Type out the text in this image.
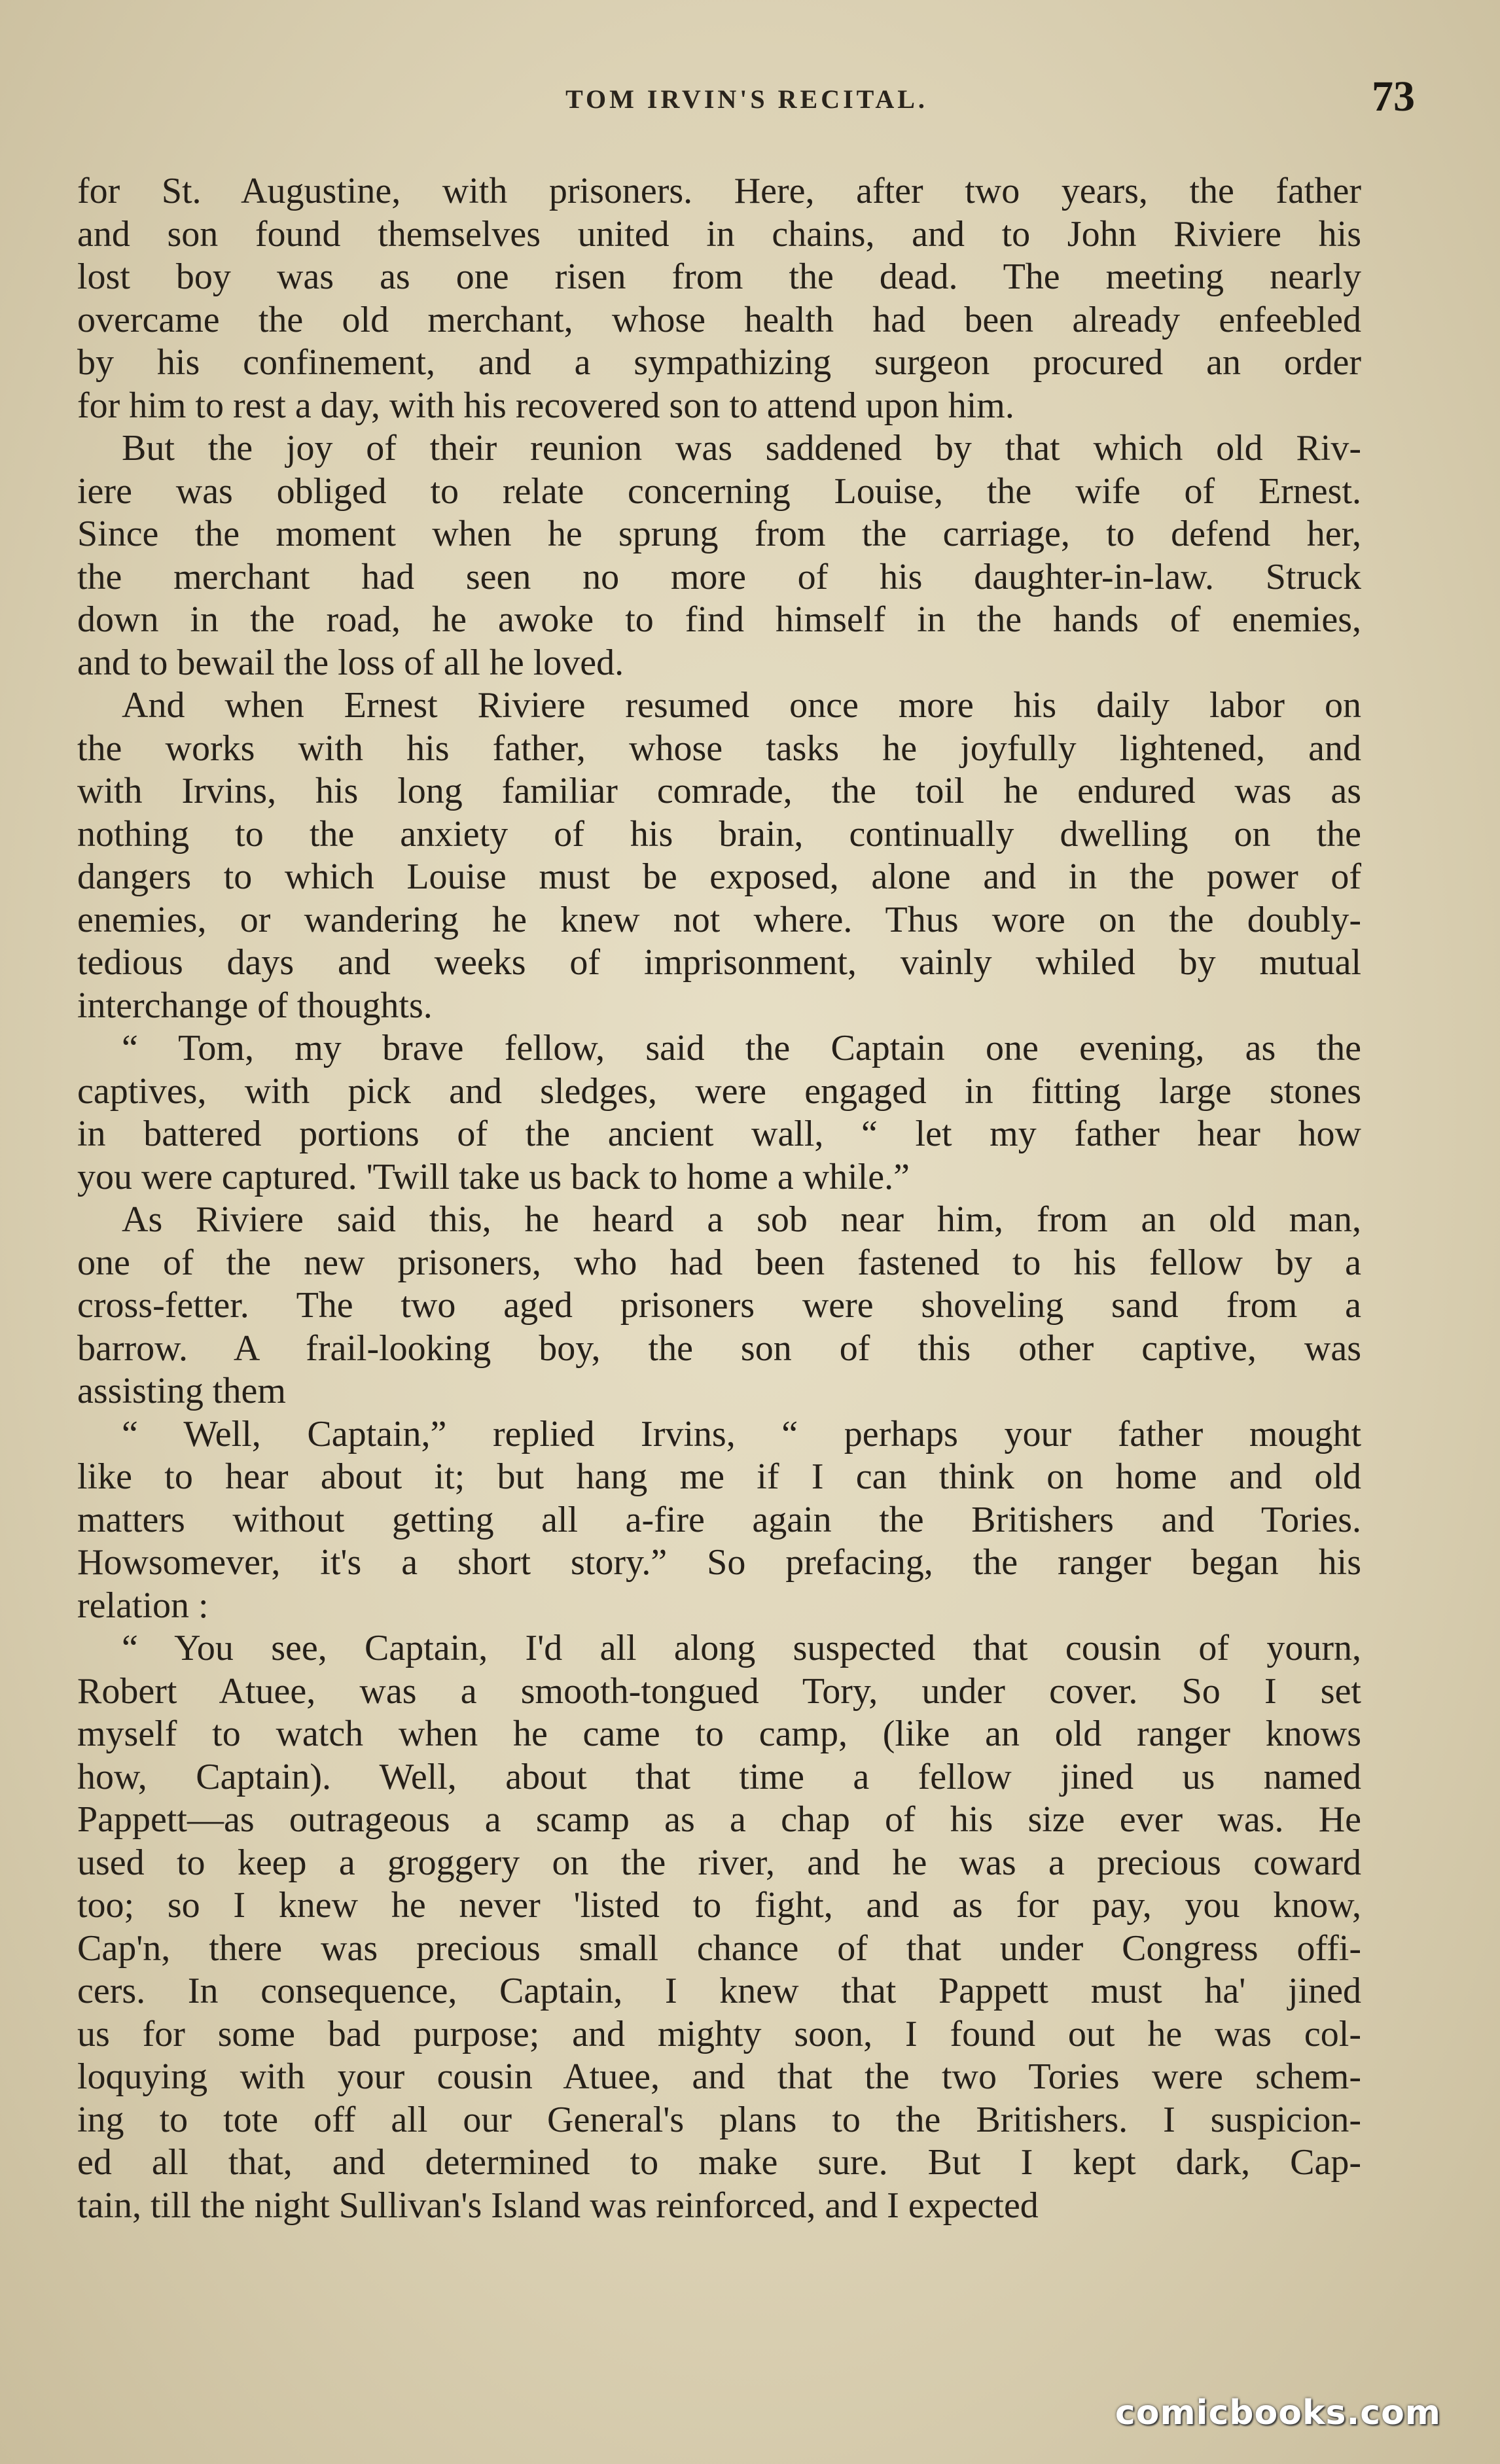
TOM IRVIN'S RECITAL.	73
for St. Augustine, with prisoners. Here, after two years, the father
and son found themselves united in chains, and to John Riviere his
lost boy was as one risen from the dead. The meeting nearly
overcame the old merchant, whose health had been already enfeebled
by his confinement, and a sympathizing surgeon procured an order
for him to rest a day, with his recovered son to attend upon him.
But the joy of their reunion was saddened by that which old Riv-
iere was obliged to relate concerning Louise, the wife of Ernest.
Since the moment when he sprung from the carriage, to defend her,
the merchant had seen no more of his daughter-in-law. Struck
down in the road, he awoke to find himself in the hands of enemies,
and to bewail the loss of all he loved.
And when Ernest Riviere resumed once more his daily labor on
the works with his father, whose tasks he joyfully lightened, and
with Irvins, his long familiar comrade, the toil he endured was as
nothing to the anxiety of his brain, continually dwelling on the
dangers to which Louise must be exposed, alone and in the power of
enemies, or wandering he knew not where. Thus wore on the doubly-
tedious days and weeks of imprisonment, vainly whiled by mutual
interchange of thoughts.
“ Tom, my brave fellow, said the Captain one evening, as the
captives, with pick and sledges, were engaged in fitting large stones
in battered portions of the ancient wall, “ let my father hear how
you were captured. 'Twill take us back to home a while.”
As Riviere said this, he heard a sob near him, from an old man,
one of the new prisoners, who had been fastened to his fellow by a
cross-fetter. The two aged prisoners were shoveling sand from a
barrow. A frail-looking boy, the son of this other captive, was
assisting them
“ Well, Captain,” replied Irvins, “ perhaps your father mought
like to hear about it; but hang me if I can think on home and old
matters without getting all a-fire again the Britishers and Tories.
Howsomever, it's a short story.” So prefacing, the ranger began his
relation :
“ You see, Captain, I'd all along suspected that cousin of yourn,
Robert Atuee, was a smooth-tongued Tory, under cover. So I set
myself to watch when he came to camp, (like an old ranger knows
how, Captain). Well, about that time a fellow jined us named
Pappett—as outrageous a scamp as a chap of his size ever was. He
used to keep a groggery on the river, and he was a precious coward
too; so I knew he never 'listed to fight, and as for pay, you know,
Cap'n, there was precious small chance of that under Congress offi-
cers. In consequence, Captain, I knew that Pappett must ha' jined
us for some bad purpose; and mighty soon, I found out he was col-
loquying with your cousin Atuee, and that the two Tories were schem-
ing to tote off all our General's plans to the Britishers. I suspicion-
ed all that, and determined to make sure. But I kept dark, Cap-
tain, till the night Sullivan's Island was reinforced, and I expected
comicbooks.com
